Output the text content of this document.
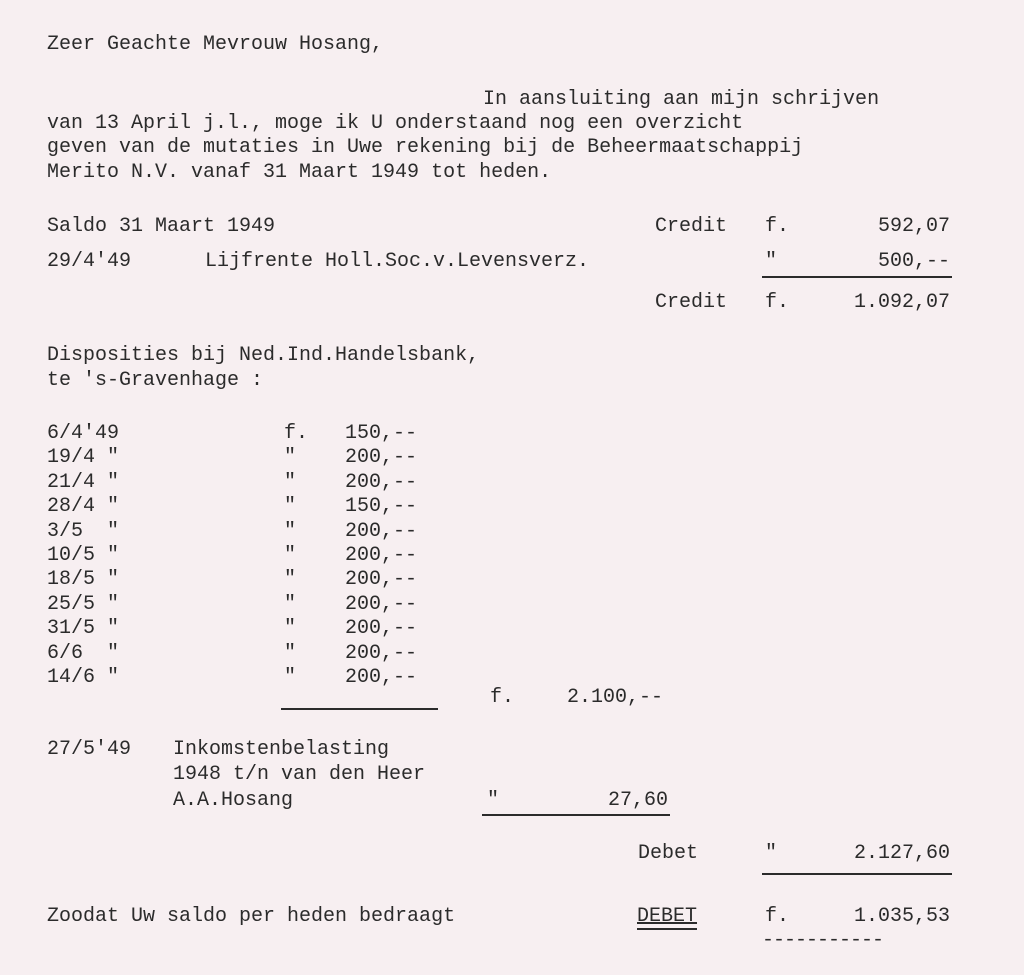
Zeer Geachte Mevrouw Hosang,
In aansluiting aan mijn schrijven
van 13 April j.l., moge ik U onderstaand nog een overzicht
geven van de mutaties in Uwe rekening bij de Beheermaatschappij
Merito N.V. vanaf 31 Maart 1949 tot heden.
Saldo 31 Maart 1949	Credit f.	592,07
29/4'49	Lijfrente Holl.Soc.v.Levensverz.	"	500,--
Credit f.	1.092,07
Disposities bij Ned.Ind.Handelsbank,
te 's-Gravenhage :
6/4'49	f.	150,--
19/4 "	"	200,--
21/4 "	"	200,--
28/4 "	"	150,--
3/5  "	"	200,--
10/5 "	"	200,--
18/5 "	"	200,--
25/5 "	"	200,--
31/5 "	"	200,--
6/6  "	"	200,--
14/6 "	"	200,--
f.	2.100,--
27/5'49 Inkomstenbelasting
1948 t/n van den Heer
A.A.Hosang	"	27,60
Debet	"	2.127,60
Zoodat Uw saldo per heden bedraagt	DEBET	f.	1.035,53
-----------
